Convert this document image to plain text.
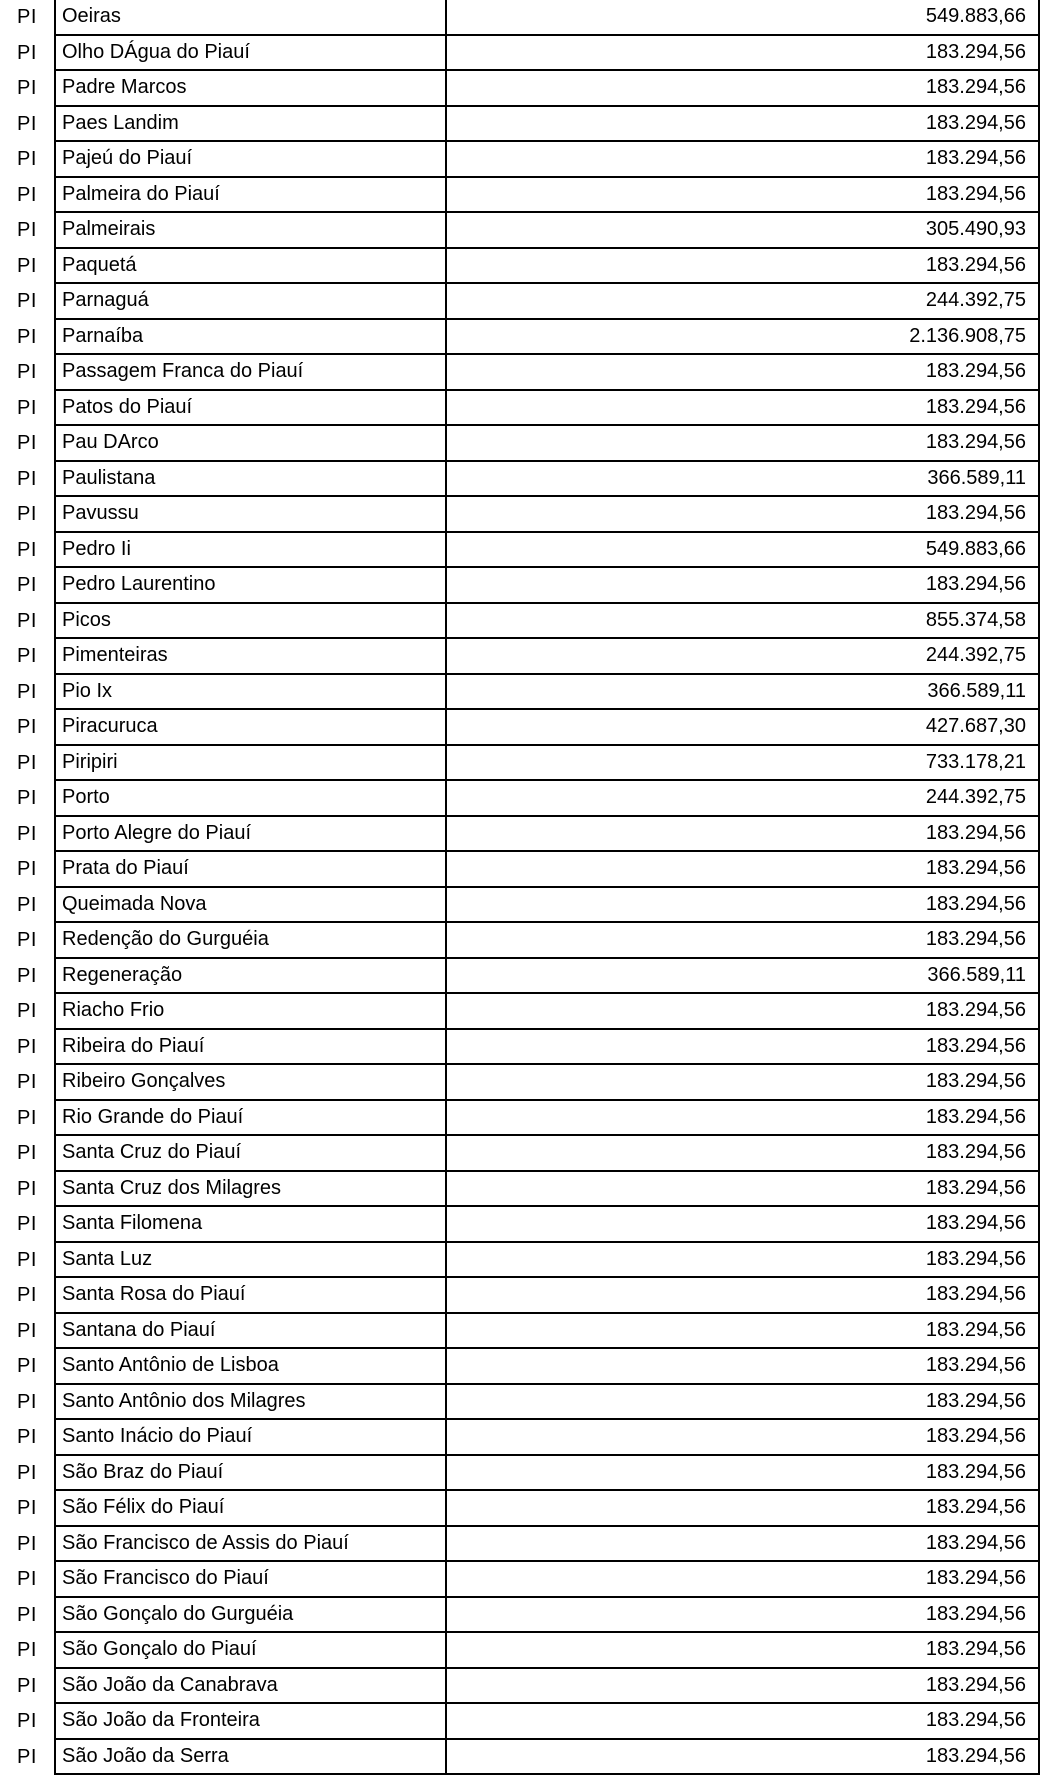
PI	Oeiras	549.883,66
PI	Olho DÁgua do Piauí	183.294,56
PI	Padre Marcos	183.294,56
PI	Paes Landim	183.294,56
PI	Pajeú do Piauí	183.294,56
PI	Palmeira do Piauí	183.294,56
PI	Palmeirais	305.490,93
PI	Paquetá	183.294,56
PI	Parnaguá	244.392,75
PI	Parnaíba	2.136.908,75
PI	Passagem Franca do Piauí	183.294,56
PI	Patos do Piauí	183.294,56
PI	Pau DArco	183.294,56
PI	Paulistana	366.589,11
PI	Pavussu	183.294,56
PI	Pedro Ii	549.883,66
PI	Pedro Laurentino	183.294,56
PI	Picos	855.374,58
PI	Pimenteiras	244.392,75
PI	Pio Ix	366.589,11
PI	Piracuruca	427.687,30
PI	Piripiri	733.178,21
PI	Porto	244.392,75
PI	Porto Alegre do Piauí	183.294,56
PI	Prata do Piauí	183.294,56
PI	Queimada Nova	183.294,56
PI	Redenção do Gurguéia	183.294,56
PI	Regeneração	366.589,11
PI	Riacho Frio	183.294,56
PI	Ribeira do Piauí	183.294,56
PI	Ribeiro Gonçalves	183.294,56
PI	Rio Grande do Piauí	183.294,56
PI	Santa Cruz do Piauí	183.294,56
PI	Santa Cruz dos Milagres	183.294,56
PI	Santa Filomena	183.294,56
PI	Santa Luz	183.294,56
PI	Santa Rosa do Piauí	183.294,56
PI	Santana do Piauí	183.294,56
PI	Santo Antônio de Lisboa	183.294,56
PI	Santo Antônio dos Milagres	183.294,56
PI	Santo Inácio do Piauí	183.294,56
PI	São Braz do Piauí	183.294,56
PI	São Félix do Piauí	183.294,56
PI	São Francisco de Assis do Piauí	183.294,56
PI	São Francisco do Piauí	183.294,56
PI	São Gonçalo do Gurguéia	183.294,56
PI	São Gonçalo do Piauí	183.294,56
PI	São João da Canabrava	183.294,56
PI	São João da Fronteira	183.294,56
PI	São João da Serra	183.294,56
